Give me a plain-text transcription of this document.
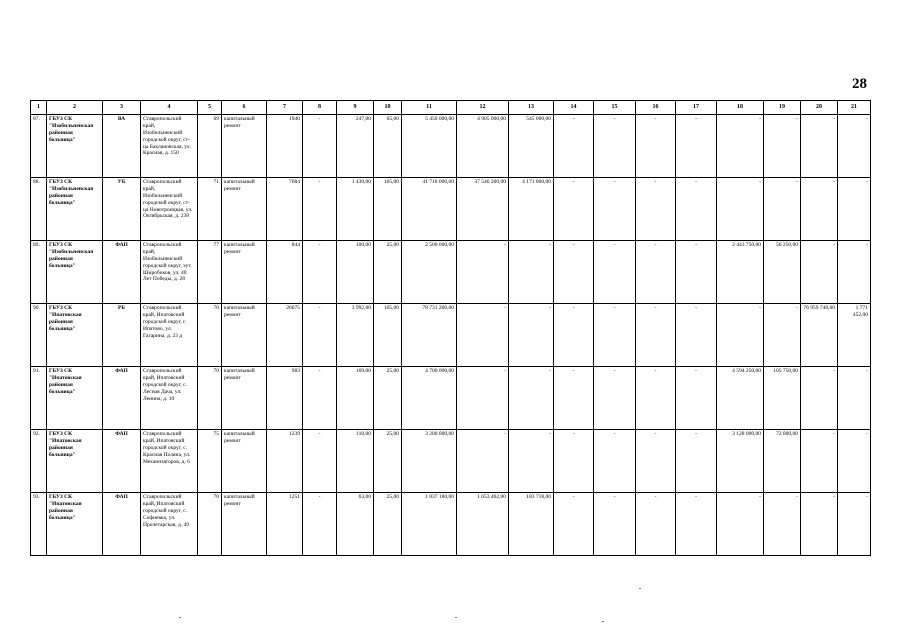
28
1	2	3	4	5	6	7	8	9	10	11	12	13	14	15	16	17	18	19	20	21
87.	ГБУЗ СК "Изобильненская районная больница"	ВА	Ставропольский край, Изобильненский городской округ, ст-ца Баклановская, ул. Красная, д. 150	69	капитальный ремонт	1940	-	247,00	65,00	5 450 000,00	4 905 000,00	545 000,00	-	-	-	-	-	-	-	-
88.	ГБУЗ СК "Изобильненская районная больница"	УБ	Ставропольский край, Изобильненский городской округ, ст-ца Новотроицкая, ул. Октябрьская, д. 238	71	капитальный ремонт	7684	-	1 430,00	105,00	41 718 000,00	37 546 200,00	4 171 800,00	-	-	-	-	-	-	-	-
89.	ГБУЗ СК "Изобильненская районная больница"	ФАП	Ставропольский край, Изобильненский городской округ, хут. Широбоков, ул. 40 Лет Победы, д. 28	77	капитальный ремонт	844	-	100,00	25,00	2 500 000,00	-	-	-	-	-	-	2 443 750,00	56 250,00	-	-
90.	ГБУЗ СК "Ипатовская районная больница"	РБ	Ставропольский край, Ипатовский городской округ, г. Ипатово, ул. Гагарина, д. 23 д	70	капитальный ремонт	26075	-	3 992,00	105,00	78 731 200,00	-	-	-	-	-	-	-	-	76 959 748,00	1 771 452,00
91.	ГБУЗ СК "Ипатовская районная больница"	ФАП	Ставропольский край, Ипатовский городской округ, с. Лесная Дача, ул. Ленина, д. 10	70	капитальный ремонт	983	-	169,00	25,00	4 700 000,00	-	-	-	-	-	-	4 594 250,00	105 750,00	-	-
92.	ГБУЗ СК "Ипатовская районная больница"	ФАП	Ставропольский край, Ипатовский городской округ, с. Красная Поляна, ул. Механизаторов, д. 6	75	капитальный ремонт	1239	-	110,00	25,00	3 200 000,00	-	-	-	-	-	-	3 128 000,00	72 000,00	-	-
93.	ГБУЗ СК "Ипатовская районная больница"	ФАП	Ставропольский край, Ипатовский городской округ, с. Софиевка, ул. Пролетарская, д. 49	70	капитальный ремонт	1251	-	63,00	25,00	1 837 180,00	1 653 462,00	183 718,00	-	-	-	-	-	-	-	-
